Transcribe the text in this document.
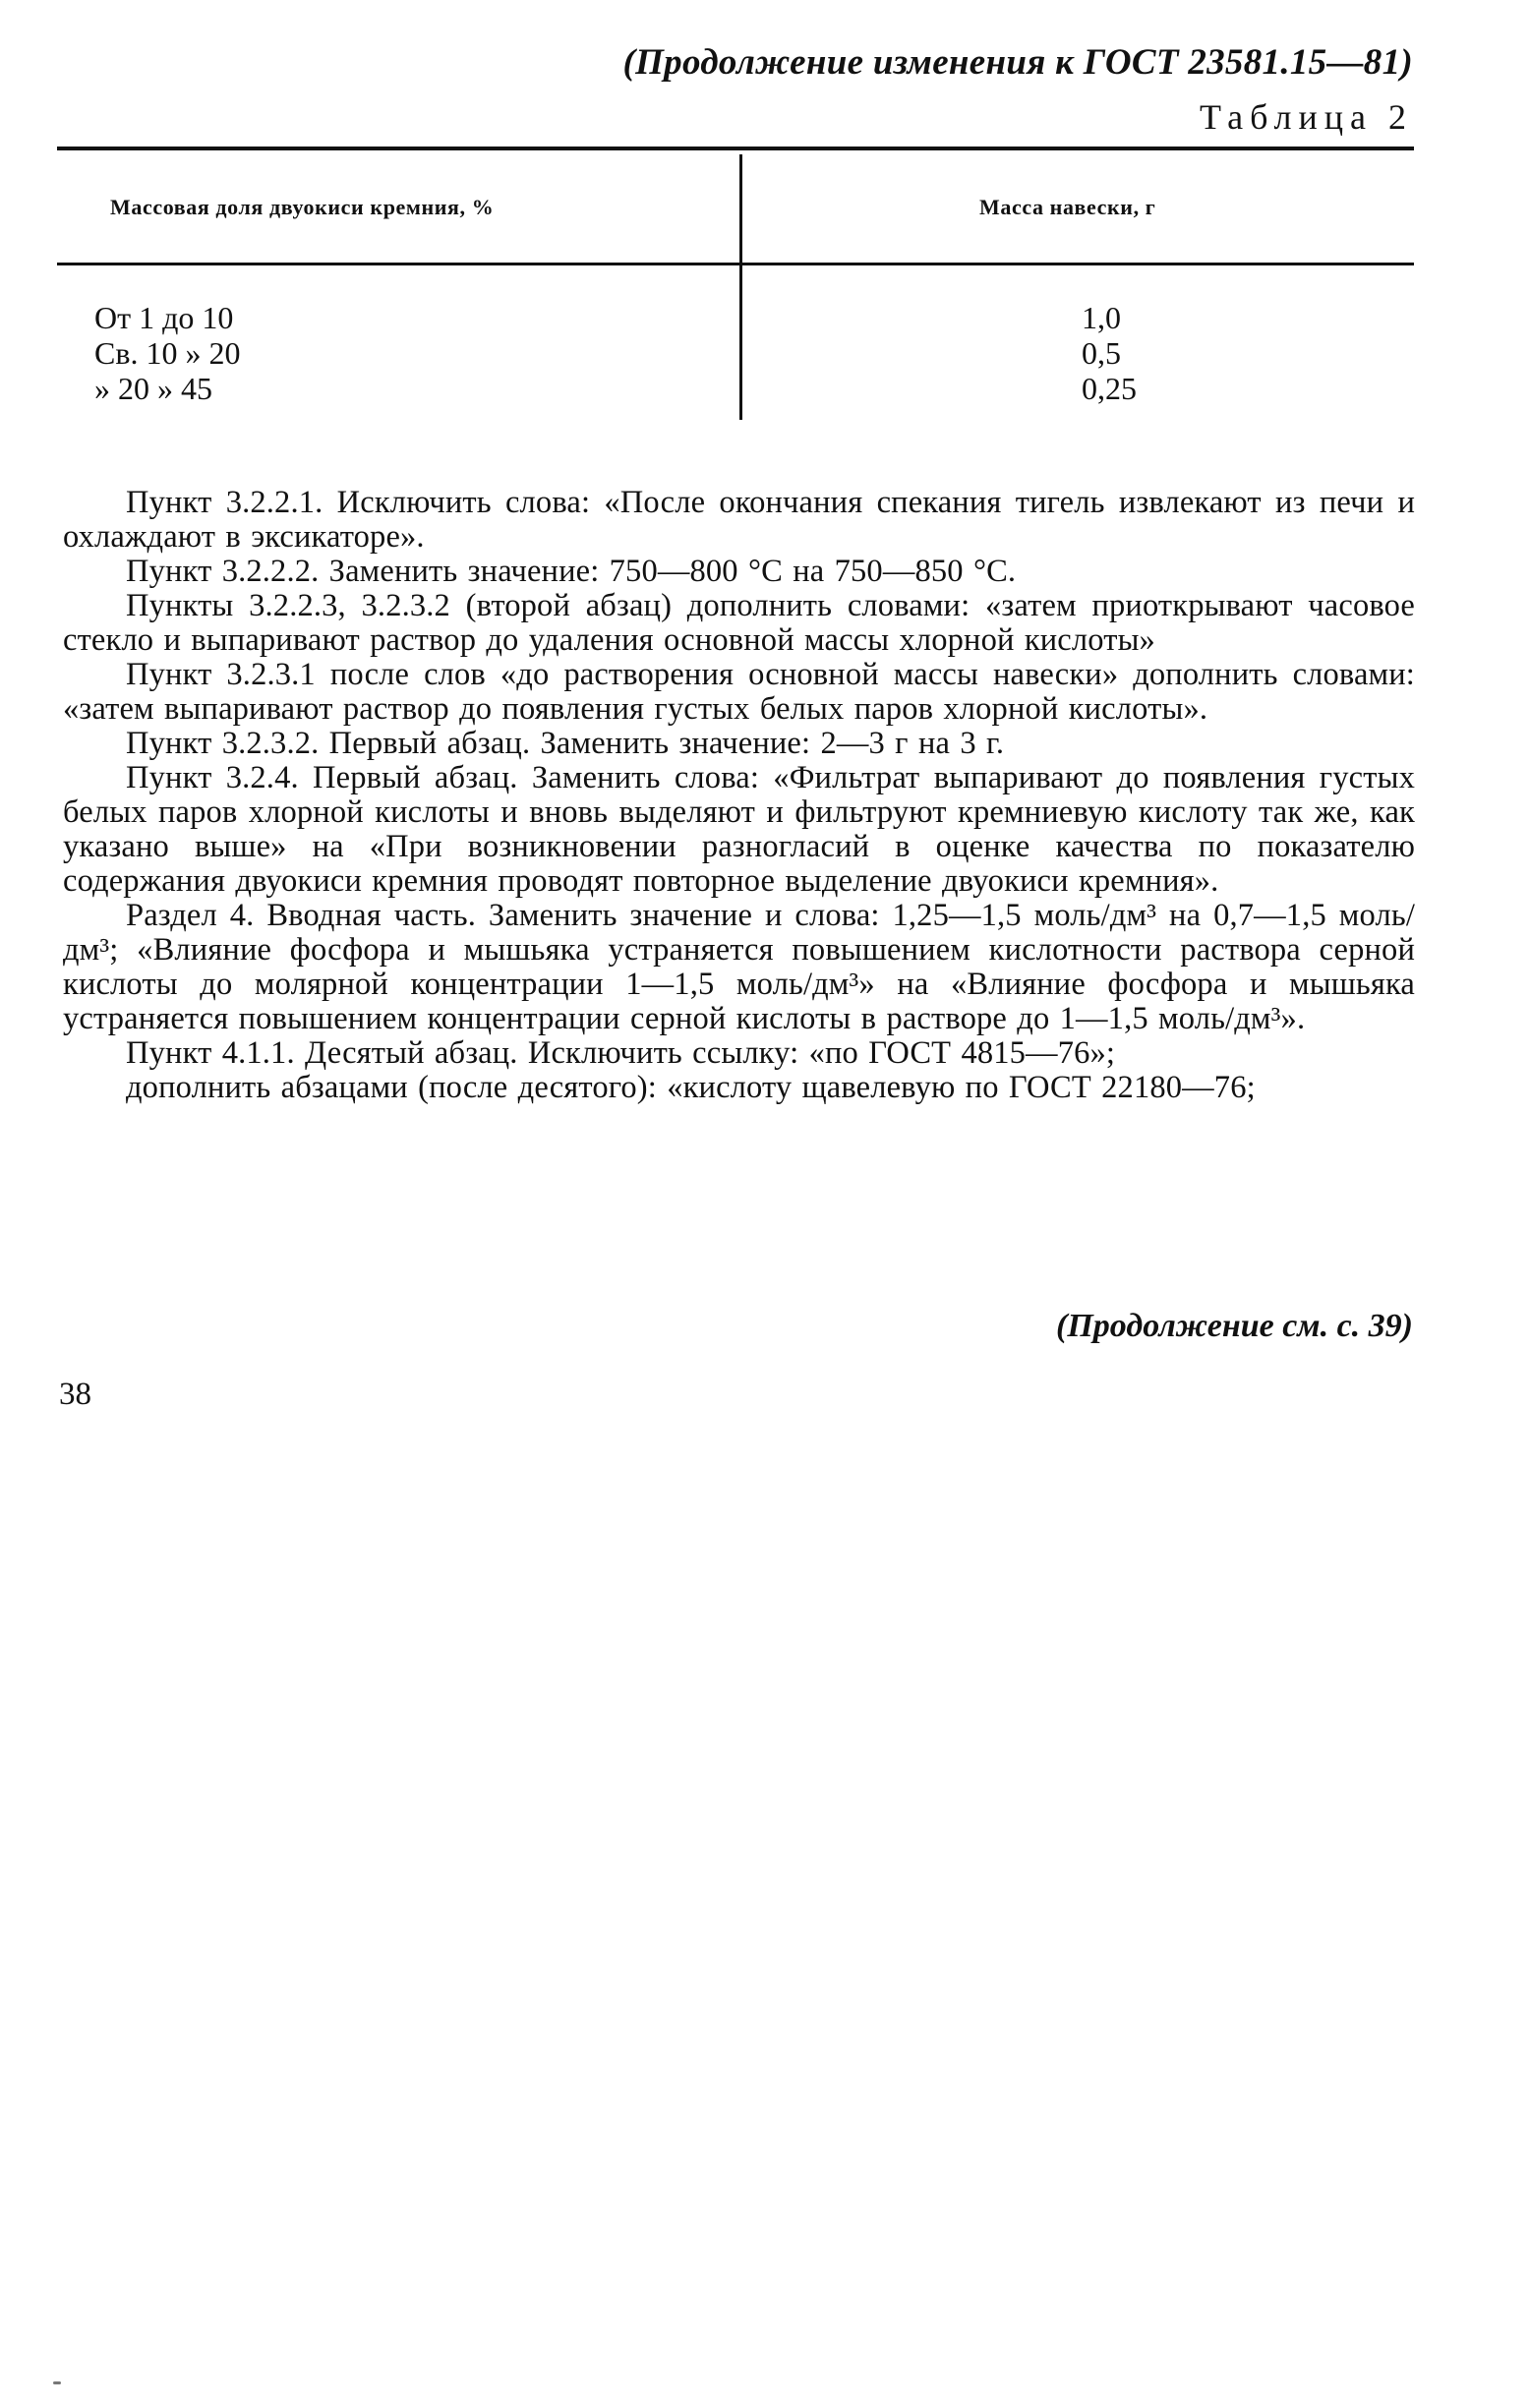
(Продолжение изменения к ГОСТ 23581.15—81)
Таблица 2
Массовая доля двуокиси кремния, %	Масса навески, г
От 1 до 10	1,0
Св. 10 » 20	0,5
» 20 » 45	0,25

Пункт 3.2.2.1. Исключить слова: «После окончания спекания тигель извлекают из печи и охлаждают в эксикаторе».

Пункт 3.2.2.2. Заменить значение: 750—800 °С на 750—850 °С.

Пункты 3.2.2.3, 3.2.3.2 (второй абзац) дополнить словами: «затем приоткрывают часовое стекло и выпаривают раствор до удаления основной массы хлорной кислоты»

Пункт 3.2.3.1 после слов «до растворения основной массы навески» дополнить словами: «затем выпаривают раствор до появления густых белых паров хлорной кислоты».

Пункт 3.2.3.2. Первый абзац. Заменить значение: 2—3 г на 3 г.

Пункт 3.2.4. Первый абзац. Заменить слова: «Фильтрат выпаривают до появления густых белых паров хлорной кислоты и вновь выделяют и фильтруют кремниевую кислоту так же, как указано выше» на «При возникновении разногласий в оценке качества по показателю содержания двуокиси кремния проводят повторное выделение двуокиси кремния».

Раздел 4. Вводная часть. Заменить значение и слова: 1,25—1,5 моль/дм³ на 0,7—1,5 моль/дм³; «Влияние фосфора и мышьяка устраняется повышением кислотности раствора серной кислоты до молярной концентрации 1—1,5 моль/дм³» на «Влияние фосфора и мышьяка устраняется повышением концентрации серной кислоты в растворе до 1—1,5 моль/дм³».

Пункт 4.1.1. Десятый абзац. Исключить ссылку: «по ГОСТ 4815—76»;

дополнить абзацами (после десятого): «кислоту щавелевую по ГОСТ 22180—76;

(Продолжение см. с. 39)
38
